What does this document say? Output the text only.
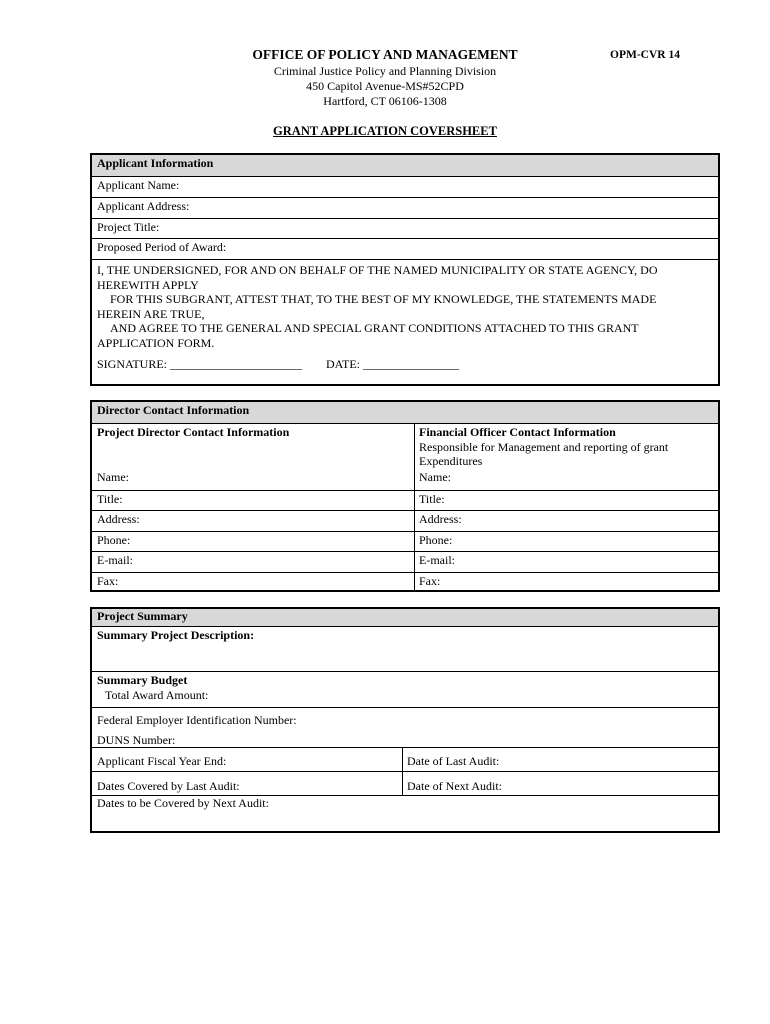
OFFICE OF POLICY AND MANAGEMENT	OPM-CVR 14
Criminal Justice Policy and Planning Division
450 Capitol Avenue-MS#52CPD
Hartford, CT 06106-1308
GRANT APPLICATION COVERSHEET
Applicant Information
Applicant Name:
Applicant Address:
Project Title:
Proposed Period of Award:
I, THE UNDERSIGNED, FOR AND ON BEHALF OF THE NAMED MUNICIPALITY OR STATE AGENCY, DO
HEREWITH APPLY
FOR THIS SUBGRANT, ATTEST THAT, TO THE BEST OF MY KNOWLEDGE, THE STATEMENTS MADE
HEREIN ARE TRUE,
AND AGREE TO THE GENERAL AND SPECIAL GRANT CONDITIONS ATTACHED TO THIS GRANT
APPLICATION FORM.
SIGNATURE: ______________________ DATE: ________________
Director Contact Information
Project Director Contact Information	Financial Officer Contact Information
Responsible for Management and reporting of grant
Expenditures
Name:	Name:
Title:	Title:
Address:	Address:
Phone:	Phone:
E-mail:	E-mail:
Fax:	Fax:
Project Summary
Summary Project Description:
Summary Budget
Total Award Amount:
Federal Employer Identification Number:
DUNS Number:
Applicant Fiscal Year End:	Date of Last Audit:
Dates Covered by Last Audit:	Date of Next Audit:
Dates to be Covered by Next Audit:
